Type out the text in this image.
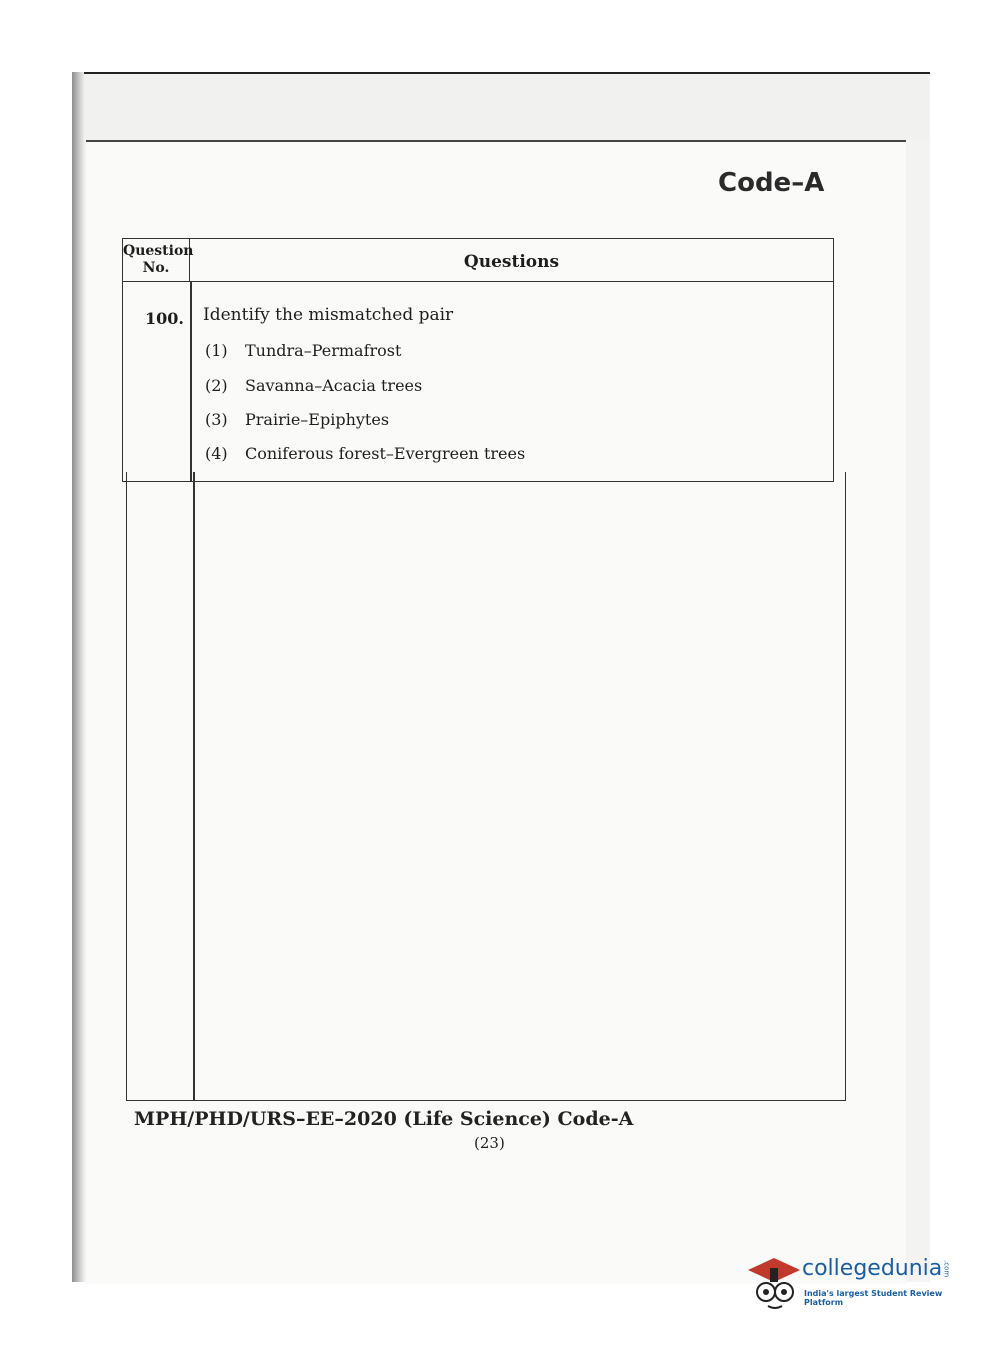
Code–A
Question No.	Questions
100. Identify the mismatched pair
(1) Tundra–Permafrost
(2) Savanna–Acacia trees
(3) Prairie–Epiphytes
(4) Coniferous forest–Evergreen trees
MPH/PHD/URS–EE–2020 (Life Science) Code-A
(23)
collegedunia.com
India's largest Student Review Platform
